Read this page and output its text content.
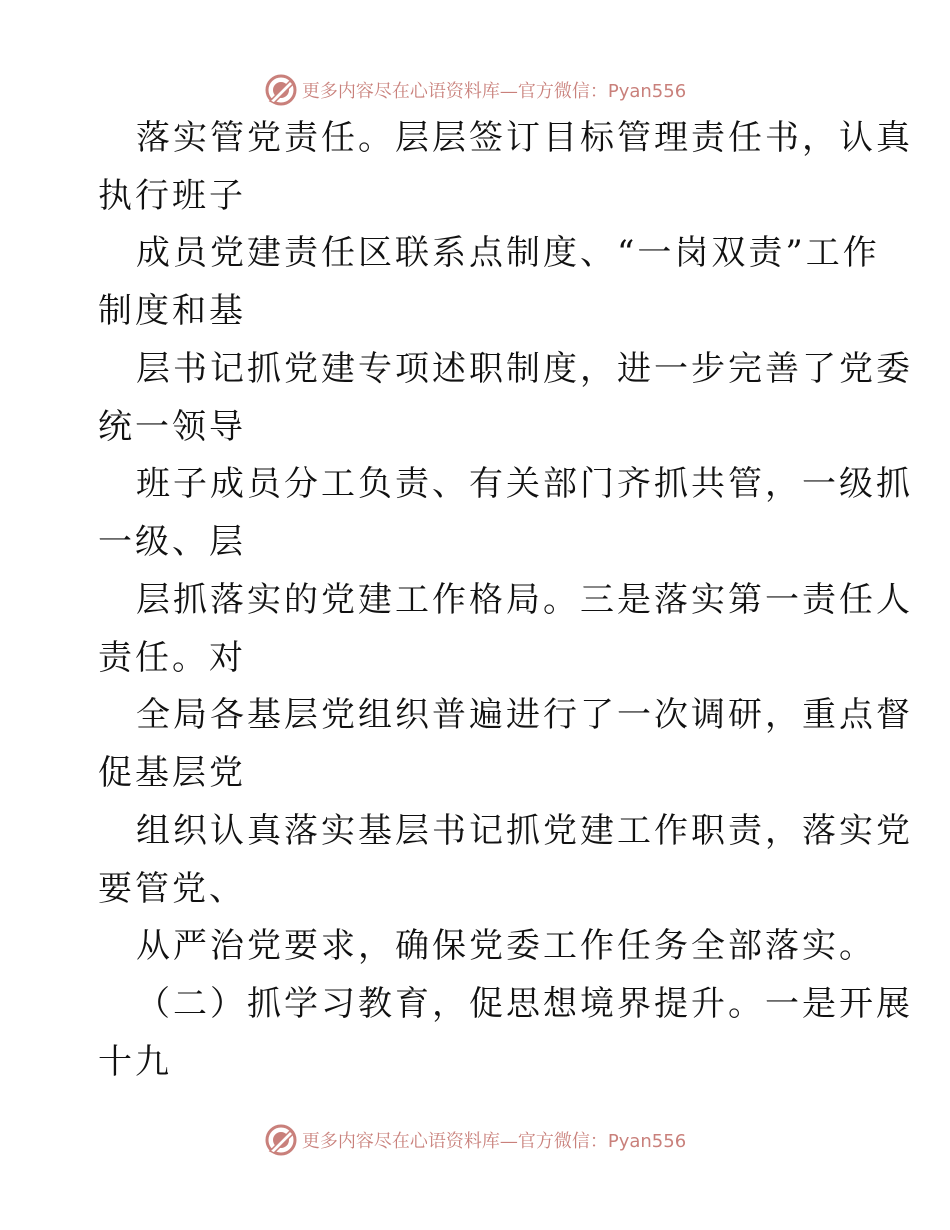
更多内容尽在心语资料库—官方微信：Pyan556
落实管党责任。层层签订目标管理责任书，认真
执行班子
成员党建责任区联系点制度、“一岗双责”工作
制度和基
层书记抓党建专项述职制度，进一步完善了党委
统一领导
班子成员分工负责、有关部门齐抓共管，一级抓
一级、层
层抓落实的党建工作格局。三是落实第一责任人
责任。对
全局各基层党组织普遍进行了一次调研，重点督
促基层党
组织认真落实基层书记抓党建工作职责，落实党
要管党、
从严治党要求，确保党委工作任务全部落实。
（二）抓学习教育，促思想境界提升。一是开展
十九
更多内容尽在心语资料库—官方微信：Pyan556
